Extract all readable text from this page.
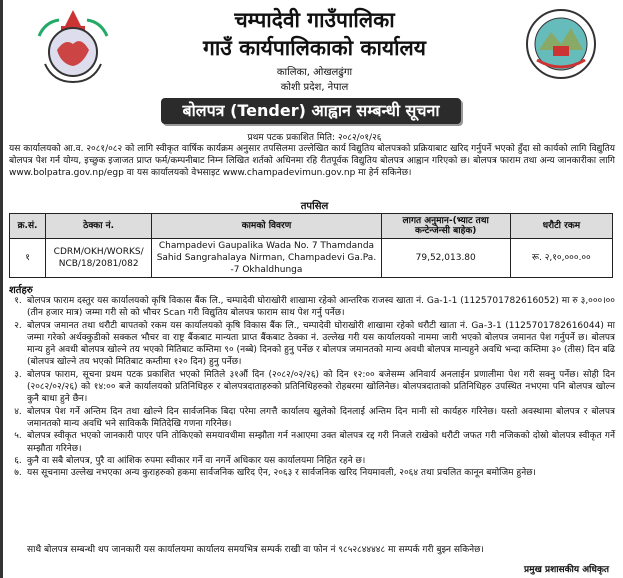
चम्पादेवी गाउँपालिका
गाउँ कार्यपालिकाको कार्यालय
कालिका, ओखलढुंगा
कोशी प्रदेश, नेपाल
बोलपत्र (Tender) आह्वान सम्बन्धी सूचना
प्रथम पटक प्रकाशित मिति: २०८२/०१/२६
यस कार्यालयको आ.व. २०८१/०८२ को लागि स्वीकृत वार्षिक कार्यक्रम अनुसार तपसिलमा उल्लेखित कार्य विद्युतिय बोलपत्रको प्रक्रियाबाट खरिद गर्नुपर्ने भएको हुँदा सो कार्यको लागि विद्युतिय बोलपत्र पेश गर्न योग्य, इच्छुक इजाजत प्राप्त फर्म/कम्पनीबाट निम्न लिखित शर्तको अधिनमा रहि रीतपूर्वक विद्युतिय बोलपत्र आह्वान गरिएको छ। बोलपत्र फाराम तथा अन्य जानकारीका लागि www.bolpatra.gov.np/egp वा यस कार्यालयको वेभसाइट www.champadevimun.gov.np मा हेर्न सकिनेछ।
तपसिल
क्र.सं.	ठेक्का नं.	कामको विवरण	लागत अनुमान-(भ्याट तथा कन्टेन्जेन्सी बाहेक)	धरौटी रकम
१	CDRM/OKH/WORKS/ NCB/18/2081/082	Champadevi Gaupalika Wada No. 7 Thamdanda Sahid Sangrahalaya Nirman, Champadevi Ga.Pa. -7 Okhaldhunga	79,52,013.80	रू. २,१०,०००.००
शर्तहरु
१. बोलपत्र फाराम दस्तुर यस कार्यालयको कृषि विकास बैंक लि., चम्पादेवी घोराखोरी शाखामा रहेको आन्तरिक राजस्व खाता नं. Ga-1-1 (1125701782616052) मा रु ३,०००।०० (तीन हजार मात्र) जम्मा गरी सो को भौचर Scan गरी विद्युतिय बोलपत्र फाराम साथ पेश गर्नु पर्नेछ।
२. बोलपत्र जमानत तथा धरौटी बापतको रकम यस कार्यालयको कृषि विकास बैंक लि., चम्पादेवी घोराखोरी शाखामा रहेको धरौटी खाता नं. Ga-3-1 (1125701782616044) मा जम्मा गरेको अर्थक्कुडीको सक्कल भौचर वा राष्ट्र बैंकबाट मान्यता प्राप्त बैंकबाट ठेक्का नं. उल्लेख गरी यस कार्यालयको नाममा जारी भएको बोलपत्र जमानत पेश गर्नुपर्ने छ। बोलपत्र मान्य हुने अवधी बोलपत्र खोल्ने तय भएको मितिबाट कम्तिमा ९० (नब्बे) दिनको हुनु पर्नेछ र बोलपत्र जमानतको मान्य अवधी बोलपत्र मान्यहुने अवधि भन्दा कम्तिमा ३० (तीस) दिन बढि (बोलपत्र खोल्ने तय भएको मितिबाट कम्तीमा १२० दिन) हुनु पर्नेछ।
३. बोलपत्र फाराम, सूचना प्रथम पटक प्रकाशित भएको मितिले ३१औं दिन (२०८२/०२/२६) को दिन १२:०० बजेसम्म अनिवार्य अनलाईन प्रणालीमा पेश गरी सक्नु पर्नेछ। सोही दिन (२०८२/०२/२६) को १४:०० बजे कार्यालयको प्रतिनिधिहरु र बोलपत्रदाताहरुको प्रतिनिधिहरुको रोहबरमा खोलिनेछ। बोलपत्रदाताको प्रतिनिधिहरु उपस्थित नभएमा पनि बोलपत्र खोल्न कुनै बाधा हुने छैन।
४. बोलपत्र पेश गर्ने अन्तिम दिन तथा खोल्ने दिन सार्वजनिक बिदा परेमा लगत्तै कार्यालय खुलेको दिनलाई अन्तिम दिन मानी सो कार्यहरु गरिनेछ। यस्तो अवस्थामा बोलपत्र र बोलपत्र जमानतको मान्य अवधि भने साविककै मितिदेखि गणना गरिनेछ।
५. बोलपत्र स्वीकृत भएको जानकारी पाएर पनि तोकिएको समयावधीमा सम्झौता गर्न नआएमा उक्त बोलपत्र रद्द गरी निजले राखेको धरौटी जफत गरी नजिकको दोस्रो बोलपत्र स्वीकृत गर्ने सम्झौता गरिनेछ।
६. कुनै वा सबै बोलपत्र, पुरै वा आंशिक रुपमा स्वीकार गर्ने वा नगर्ने अधिकार यस कार्यालयमा निहित रहने छ।
७. यस सूचनामा उल्लेख नभएका अन्य कुराहरुको हकमा सार्वजनिक खरिद ऐन, २०६३ र सार्वजनिक खरिद नियमावली, २०६४ तथा प्रचलित कानून बमोजिम हुनेछ।
साथै बोलपत्र सम्बन्धी थप जानकारी यस कार्यालयमा कार्यालय समयभित्र सम्पर्क राखी वा फोन नं ९८५२८४४४४८ मा सम्पर्क गरी बुझ्न सकिनेछ।
प्रमुख प्रशासकीय अधिकृत
